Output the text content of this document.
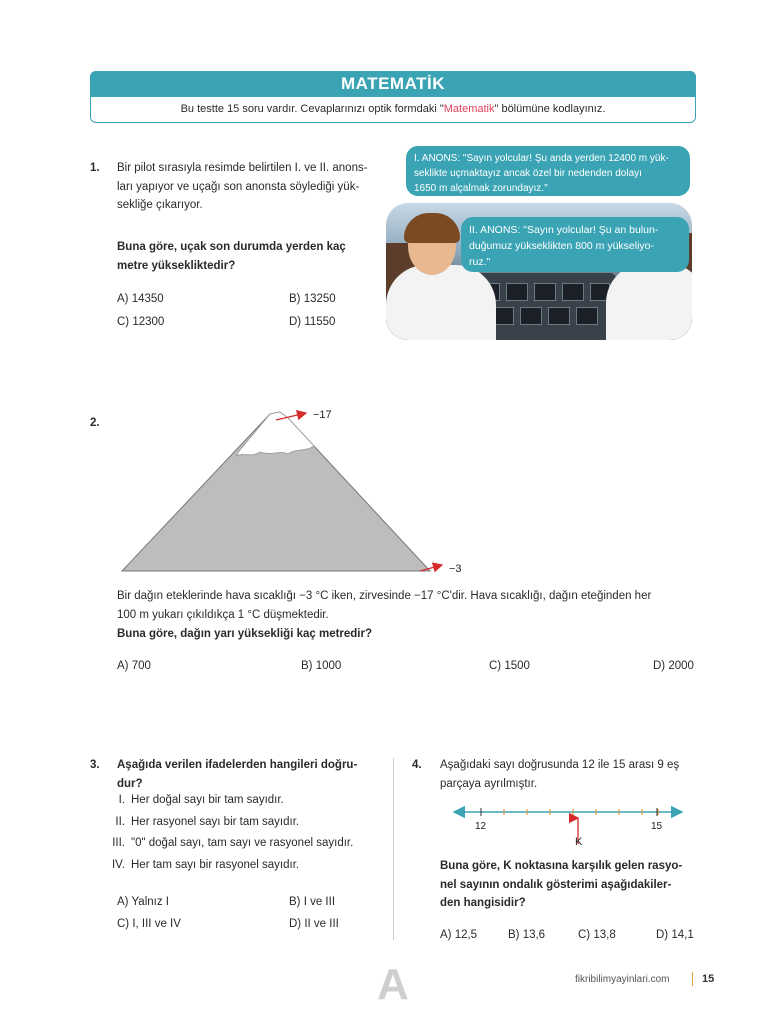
MATEMATİK
Bu testte 15 soru vardır. Cevaplarınızı optik formdaki "Matematik" bölümüne kodlayınız.
1. Bir pilot sırasıyla resimde belirtilen I. ve II. anons-
ları yapıyor ve uçağı son anonsta söylediği yük-
sekliğe çıkarıyor.
Buna göre, uçak son durumda yerden kaç
metre yüksekliktedir?
A) 14350	B) 13250
C) 12300	D) 11550
I. ANONS: "Sayın yolcular! Şu anda yerden 12400 m yük-
seklikte uçmaktayız ancak özel bir nedenden dolayı
1650 m alçalmak zorundayız."
II. ANONS: "Sayın yolcular! Şu an bulun-
duğumuz yükseklikten 800 m yükseliyo-
ruz."
2.
−17
−3
Bir dağın eteklerinde hava sıcaklığı −3 °C iken, zirvesinde −17 °C'dir. Hava sıcaklığı, dağın eteğinden her
100 m yukarı çıkıldıkça 1 °C düşmektedir.
Buna göre, dağın yarı yüksekliği kaç metredir?
A) 700	B) 1000	C) 1500	D) 2000
3. Aşağıda verilen ifadelerden hangileri doğru-
dur?
I. Her doğal sayı bir tam sayıdır.
II. Her rasyonel sayı bir tam sayıdır.
III. "0" doğal sayı, tam sayı ve rasyonel sayıdır.
IV. Her tam sayı bir rasyonel sayıdır.
A) Yalnız I	B) I ve III
C) I, III ve IV	D) II ve III
4. Aşağıdaki sayı doğrusunda 12 ile 15 arası 9 eş
parçaya ayrılmıştır.
12	15
K
Buna göre, K noktasına karşılık gelen rasyo-
nel sayının ondalık gösterimi aşağıdakiler-
den hangisidir?
A) 12,5	B) 13,6	C) 13,8	D) 14,1
A	fikribilimyayinlari.com	15
